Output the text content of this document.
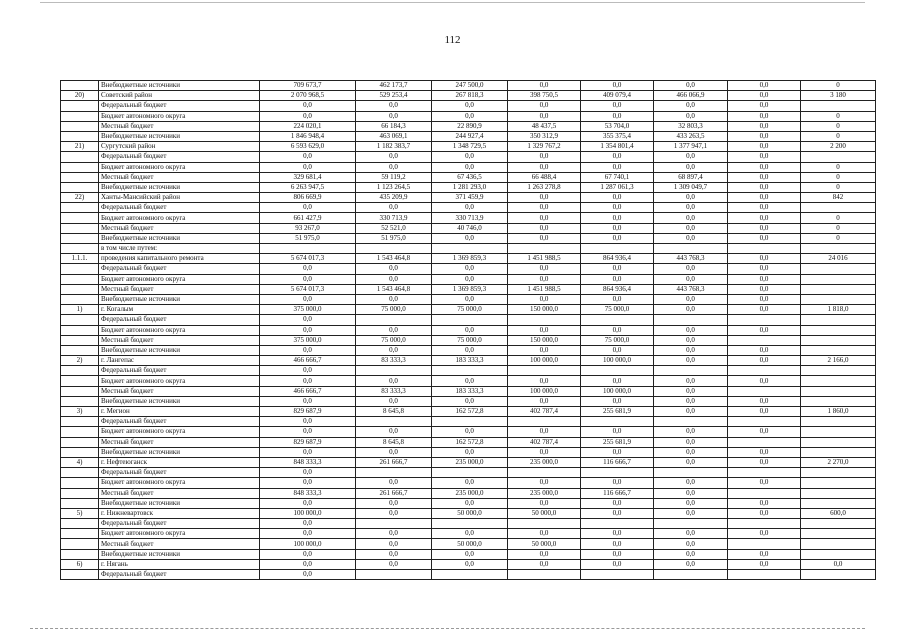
112
	Внебюджетные источники	709 673,7	462 173,7	247 500,0	0,0	0,0	0,0	0,0	0
20)	Советский район	2 070 968,5	529 253,4	267 818,3	398 750,5	409 079,4	466 066,9	0,0	3 180
	Федеральный бюджет	0,0	0,0	0,0	0,0	0,0	0,0	0,0	
	Бюджет автономного округа	0,0	0,0	0,0	0,0	0,0	0,0	0,0	0
	Местный бюджет	224 020,1	66 184,3	22 890,9	48 437,5	53 704,0	32 803,3	0,0	0
	Внебюджетные источники	1 846 948,4	463 069,1	244 927,4	350 312,9	355 375,4	433 263,5	0,0	0
21)	Сургутский район	6 593 629,0	1 182 383,7	1 348 729,5	1 329 767,2	1 354 801,4	1 377 947,1	0,0	2 200
	Федеральный бюджет	0,0	0,0	0,0	0,0	0,0	0,0	0,0	
	Бюджет автономного округа	0,0	0,0	0,0	0,0	0,0	0,0	0,0	0
	Местный бюджет	329 681,4	59 119,2	67 436,5	66 488,4	67 740,1	68 897,4	0,0	0
	Внебюджетные источники	6 263 947,5	1 123 264,5	1 281 293,0	1 263 278,8	1 287 061,3	1 309 049,7	0,0	0
22)	Ханты-Мансийский район	806 669,9	435 209,9	371 459,9	0,0	0,0	0,0	0,0	842
	Федеральный бюджет	0,0	0,0	0,0	0,0	0,0	0,0	0,0	
	Бюджет автономного округа	661 427,9	330 713,9	330 713,9	0,0	0,0	0,0	0,0	0
	Местный бюджет	93 267,0	52 521,0	40 746,0	0,0	0,0	0,0	0,0	0
	Внебюджетные источники	51 975,0	51 975,0	0,0	0,0	0,0	0,0	0,0	0
	в том числе путем:								
1.1.1.	проведения капитального ремонта	5 674 017,3	1 543 464,8	1 369 859,3	1 451 988,5	864 936,4	443 768,3	0,0	24 016
	Федеральный бюджет	0,0	0,0	0,0	0,0	0,0	0,0	0,0	
	Бюджет автономного округа	0,0	0,0	0,0	0,0	0,0	0,0	0,0	
	Местный бюджет	5 674 017,3	1 543 464,8	1 369 859,3	1 451 988,5	864 936,4	443 768,3	0,0	
	Внебюджетные источники	0,0	0,0	0,0	0,0	0,0	0,0	0,0	
1)	г. Когалым	375 000,0	75 000,0	75 000,0	150 000,0	75 000,0	0,0	0,0	1 818,0
	Федеральный бюджет	0,0							
	Бюджет автономного округа	0,0	0,0	0,0	0,0	0,0	0,0	0,0	
	Местный бюджет	375 000,0	75 000,0	75 000,0	150 000,0	75 000,0	0,0		
	Внебюджетные источники	0,0	0,0	0,0	0,0	0,0	0,0	0,0	
2)	г. Лангепас	466 666,7	83 333,3	183 333,3	100 000,0	100 000,0	0,0	0,0	2 166,0
	Федеральный бюджет	0,0							
	Бюджет автономного округа	0,0	0,0	0,0	0,0	0,0	0,0	0,0	
	Местный бюджет	466 666,7	83 333,3	183 333,3	100 000,0	100 000,0	0,0		
	Внебюджетные источники	0,0	0,0	0,0	0,0	0,0	0,0	0,0	
3)	г. Мегион	829 687,9	8 645,8	162 572,8	402 787,4	255 681,9	0,0	0,0	1 860,0
	Федеральный бюджет	0,0							
	Бюджет автономного округа	0,0	0,0	0,0	0,0	0,0	0,0	0,0	
	Местный бюджет	829 687,9	8 645,8	162 572,8	402 787,4	255 681,9	0,0		
	Внебюджетные источники	0,0	0,0	0,0	0,0	0,0	0,0	0,0	
4)	г. Нефтеюганск	848 333,3	261 666,7	235 000,0	235 000,0	116 666,7	0,0	0,0	2 270,0
	Федеральный бюджет	0,0							
	Бюджет автономного округа	0,0	0,0	0,0	0,0	0,0	0,0	0,0	
	Местный бюджет	848 333,3	261 666,7	235 000,0	235 000,0	116 666,7	0,0		
	Внебюджетные источники	0,0	0,0	0,0	0,0	0,0	0,0	0,0	
5)	г. Нижневартовск	100 000,0	0,0	50 000,0	50 000,0	0,0	0,0	0,0	600,0
	Федеральный бюджет	0,0							
	Бюджет автономного округа	0,0	0,0	0,0	0,0	0,0	0,0	0,0	
	Местный бюджет	100 000,0	0,0	50 000,0	50 000,0	0,0	0,0		
	Внебюджетные источники	0,0	0,0	0,0	0,0	0,0	0,0	0,0	
6)	г. Нягань	0,0	0,0	0,0	0,0	0,0	0,0	0,0	0,0
	Федеральный бюджет	0,0							
